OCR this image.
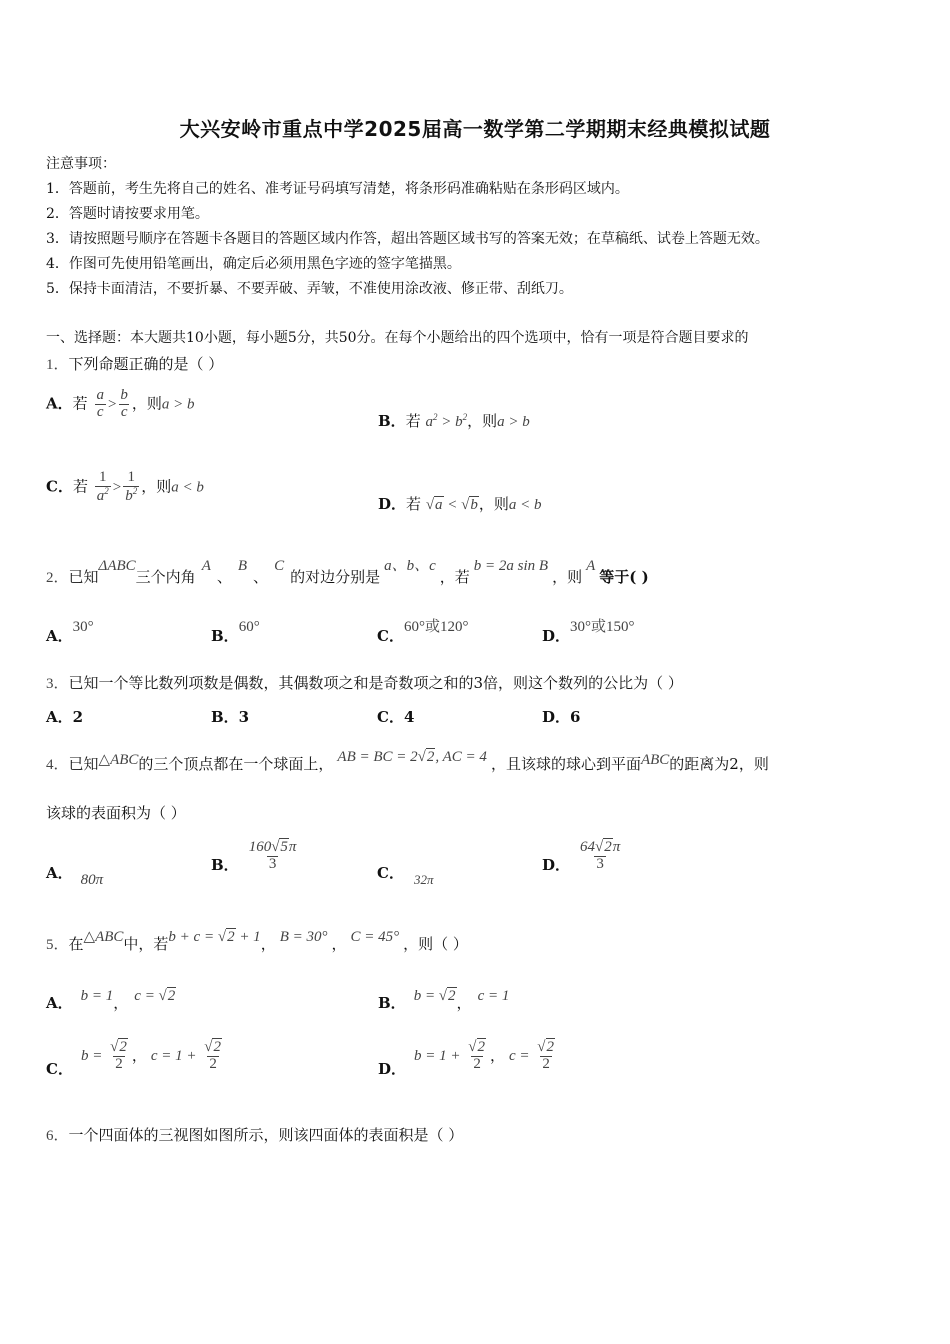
大兴安岭市重点中学2025届高一数学第二学期期末经典模拟试题
注意事项：
1．答题前，考生先将自己的姓名、准考证号码填写清楚，将条形码准确粘贴在条形码区域内。
2．答题时请按要求用笔。
3．请按照题号顺序在答题卡各题目的答题区域内作答，超出答题区域书写的答案无效；在草稿纸、试卷上答题无效。
4．作图可先使用铅笔画出，确定后必须用黑色字迹的签字笔描黑。
5．保持卡面清洁，不要折暴、不要弄破、弄皱，不准使用涂改液、修正带、刮纸刀。
一、选择题：本大题共10小题，每小题5分，共50分。在每个小题给出的四个选项中，恰有一项是符合题目要求的
1．下列命题正确的是（ ）
A．若 $\frac{a}{c} > \frac{b}{c}$ ，则a > b
B．若 $a^2 > b^2$，则a > b
C．若 $\frac{1}{a^2} > \frac{1}{b^2}$ ，则a < b
D．若 √a < √b，则a < b
2．已知ΔABC三个内角A、B、C的对边分别是a、b、c，若b = 2a sin B，则A等于( )
A．30°	B．60°	C．60°或120°	D．30°或150°
3．已知一个等比数列项数是偶数，其偶数项之和是奇数项之和的3倍，则这个数列的公比为（ ）
A．2	B．3	C．4	D．6
4．已知△ABC的三个顶点都在一个球面上， AB = BC = 2√2, AC = 4 ，且该球的球心到平面ABC的距离为2，则
该球的表面积为（ ）
A． 80π
B． $\frac{160√5\pi}{3}$
C． 32π
D． $\frac{64√2\pi}{3}$
5．在△ABC中，若b + c = √2 + 1， B = 30° ， C = 45° ，则（ ）
A． b = 1， c = √2	B． b = √2， c = 1
C．$b = \frac{√2}{2}$ ， $c = 1 + \frac{√2}{2}$	D．$b = 1 + \frac{√2}{2}$ ， $c = \frac{√2}{2}$
6．一个四面体的三视图如图所示，则该四面体的表面积是（ ）
